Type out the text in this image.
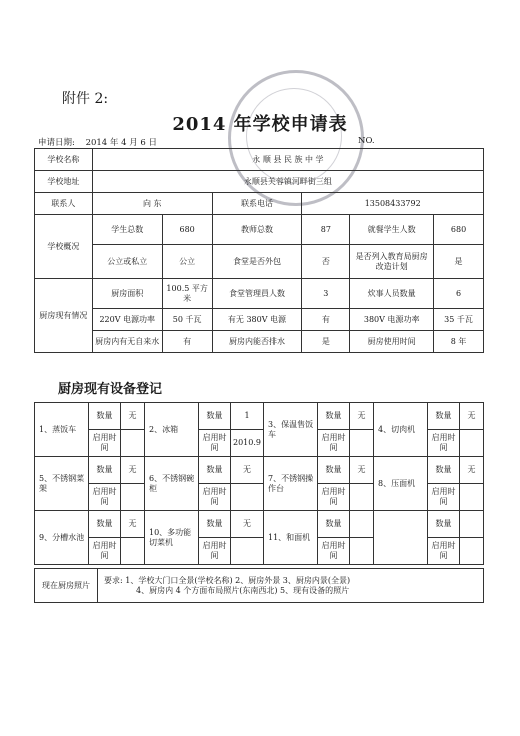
附件 2:
2014 年学校申请表
申请日期: 2014 年 4 月 6 日	NO.
学校名称	永 顺 县 民 族 中 学					
学校地址	永顺县芙蓉镇河畔街三组					
联系人	向 东		联系电话	13508433792		
学校概况	学生总数	680	教师总数	87	就餐学生人数	680
	公立或私立	公立	食堂是否外包	否	是否列入教育局厨房改造计划	是
厨房现有情况	厨房面积	100.5 平方米	食堂管理員人数	3	炊事人员数量	6
	220V 电源功率	50 千瓦	有无 380V 电源	有	380V 电源功率	35 千瓦
	厨房内有无自来水	有	厨房内能否排水	是	厨房使用时间	8 年
厨房现有设备登记
1、蒸饭车	数量	无	2、冰箱	数量	1	3、保温售饭车	数量	无	4、切肉机	数量	无
	启用时间			启用时间	2010.9		启用时间			启用时间	
5、不锈钢菜架	数量	无	6、不锈钢碗柜	数量	无	7、不锈钢操作台	数量	无	8、压面机	数量	无
	启用时间			启用时间			启用时间			启用时间	
9、分槽水池	数量	无	10、多功能切菜机	数量	无	11、和面机	数量			数量	
	启用时间			启用时间			启用时间			启用时间	
现在厨房照片	
要求: 1、学校大门口全景(学校名称) 2、厨房外景 3、厨房内景(全景)
4、厨房内 4 个方面布局照片(东南西北) 5、现有设备的照片
